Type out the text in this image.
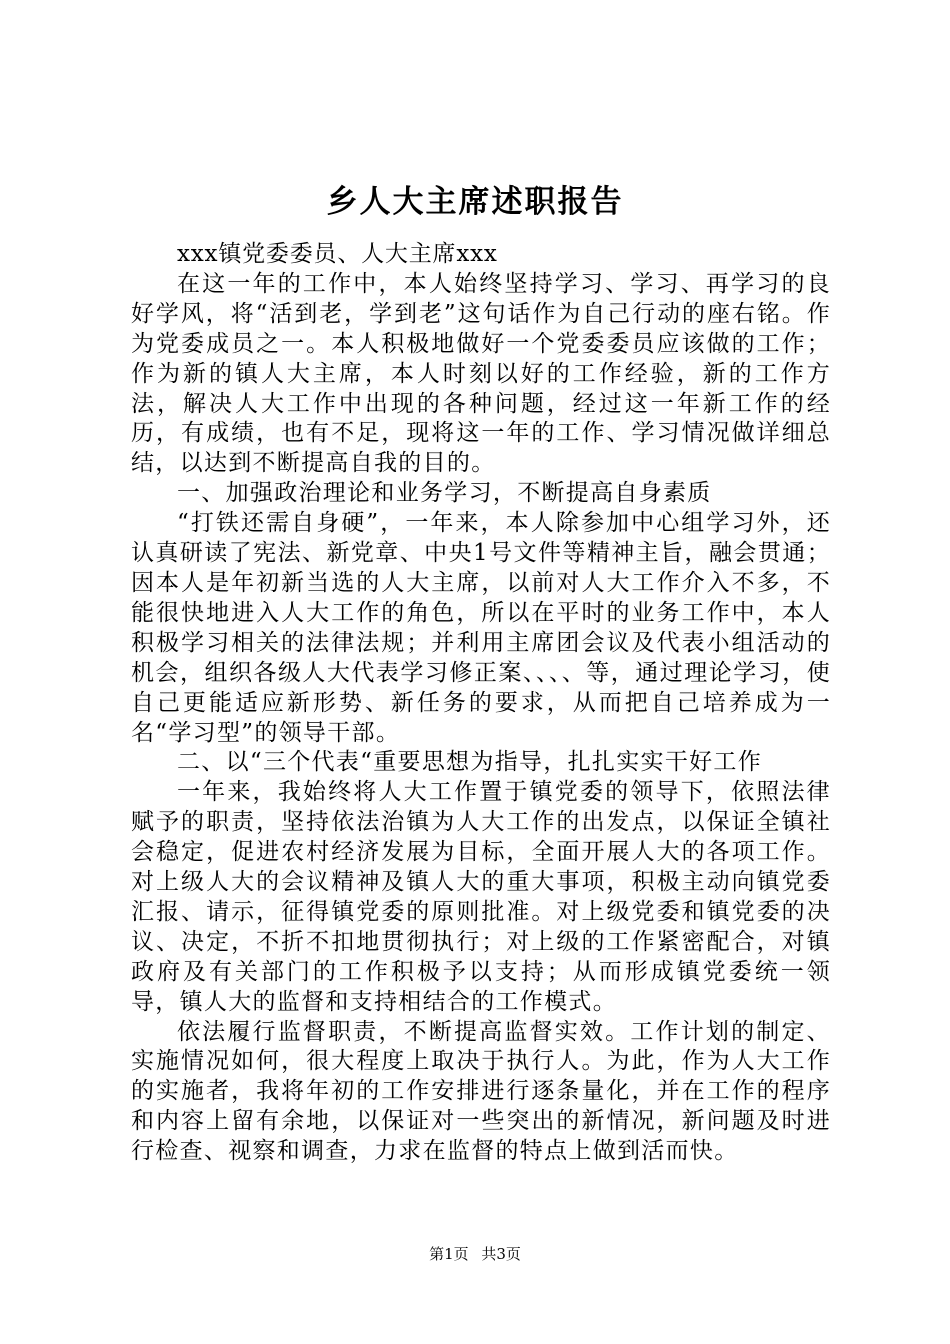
乡人大主席述职报告

xxx镇党委委员、人大主席xxx

在这一年的工作中，本人始终坚持学习、学习、再学习的良好学风，将“活到老，学到老”这句话作为自己行动的座右铭。作为党委成员之一。本人积极地做好一个党委委员应该做的工作；作为新的镇人大主席，本人时刻以好的工作经验，新的工作方法，解决人大工作中出现的各种问题，经过这一年新工作的经历，有成绩，也有不足，现将这一年的工作、学习情况做详细总结，以达到不断提高自我的目的。

一、加强政治理论和业务学习，不断提高自身素质

“打铁还需自身硬”，一年来，本人除参加中心组学习外，还认真研读了宪法、新党章、中央1号文件等精神主旨，融会贯通；因本人是年初新当选的人大主席，以前对人大工作介入不多，不能很快地进入人大工作的角色，所以在平时的业务工作中，本人积极学习相关的法律法规；并利用主席团会议及代表小组活动的机会，组织各级人大代表学习修正案、、、、等，通过理论学习，使自己更能适应新形势、新任务的要求，从而把自己培养成为一名“学习型”的领导干部。

二、以“三个代表“重要思想为指导，扎扎实实干好工作

一年来，我始终将人大工作置于镇党委的领导下，依照法律赋予的职责，坚持依法治镇为人大工作的出发点，以保证全镇社会稳定，促进农村经济发展为目标，全面开展人大的各项工作。对上级人大的会议精神及镇人大的重大事项，积极主动向镇党委汇报、请示，征得镇党委的原则批准。对上级党委和镇党委的决议、决定，不折不扣地贯彻执行；对上级的工作紧密配合，对镇政府及有关部门的工作积极予以支持；从而形成镇党委统一领导，镇人大的监督和支持相结合的工作模式。

依法履行监督职责，不断提高监督实效。工作计划的制定、实施情况如何，很大程度上取决于执行人。为此，作为人大工作的实施者，我将年初的工作安排进行逐条量化，并在工作的程序和内容上留有余地，以保证对一些突出的新情况，新问题及时进行检查、视察和调查，力求在监督的特点上做到活而快。

第1页 共3页
